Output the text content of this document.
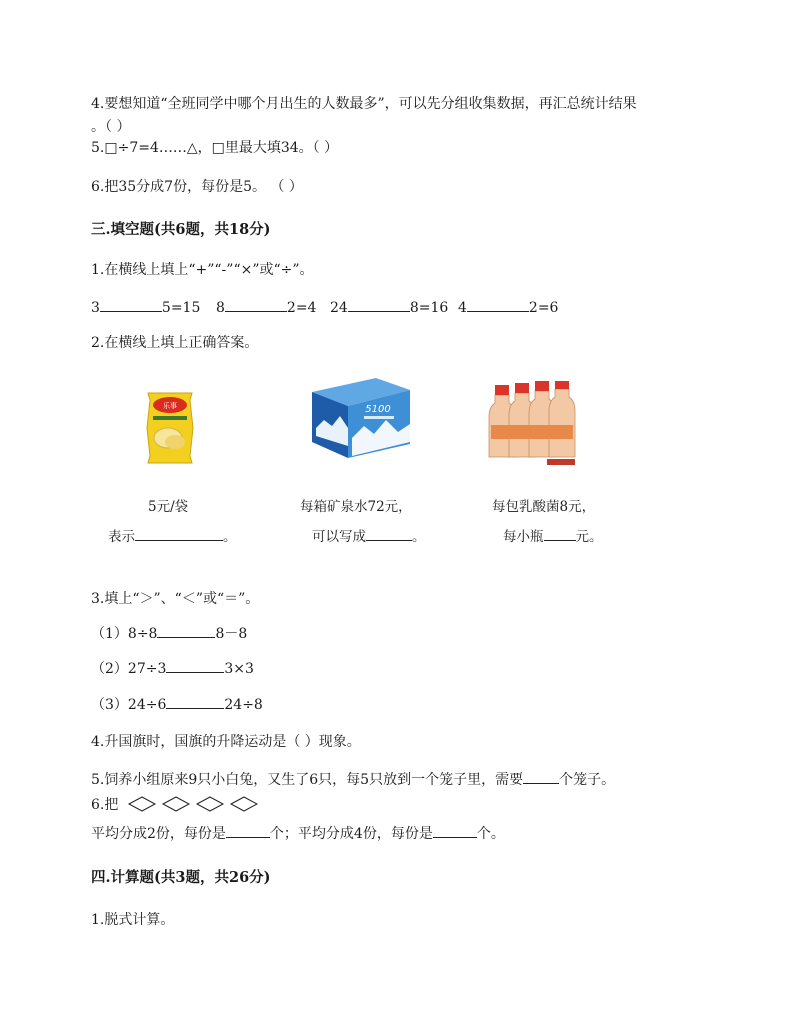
4.要想知道“全班同学中哪个月出生的人数最多”，可以先分组收集数据，再汇总统计结果
。（ ）
5.□÷7=4……△，□里最大填34。（ ）
6.把35分成7份，每份是5。 （ ）
三.填空题(共6题，共18分)
1.在横线上填上“+”“-”“×”或“÷”。
3	5=15 8	2=4 24	8=16 4	2=6
2.在横线上填上正确答案。
乐事	5100
5元/袋
表示	。
每箱矿泉水72元，
可以写成	。
每包乳酸菌8元，
每小瓶 元。
3.填上“＞”、“＜”或“＝”。
（1）8÷8	8－8
（2）27÷3	3×3
（3）24÷6	24÷8
4.升国旗时，国旗的升降运动是（ ）现象。
5.饲养小组原来9只小白兔，又生了6只，每5只放到一个笼子里，需要	个笼子。
6.把
平均分成2份，每份是	个；平均分成4份，每份是	个。
四.计算题(共3题，共26分)
1.脱式计算。
